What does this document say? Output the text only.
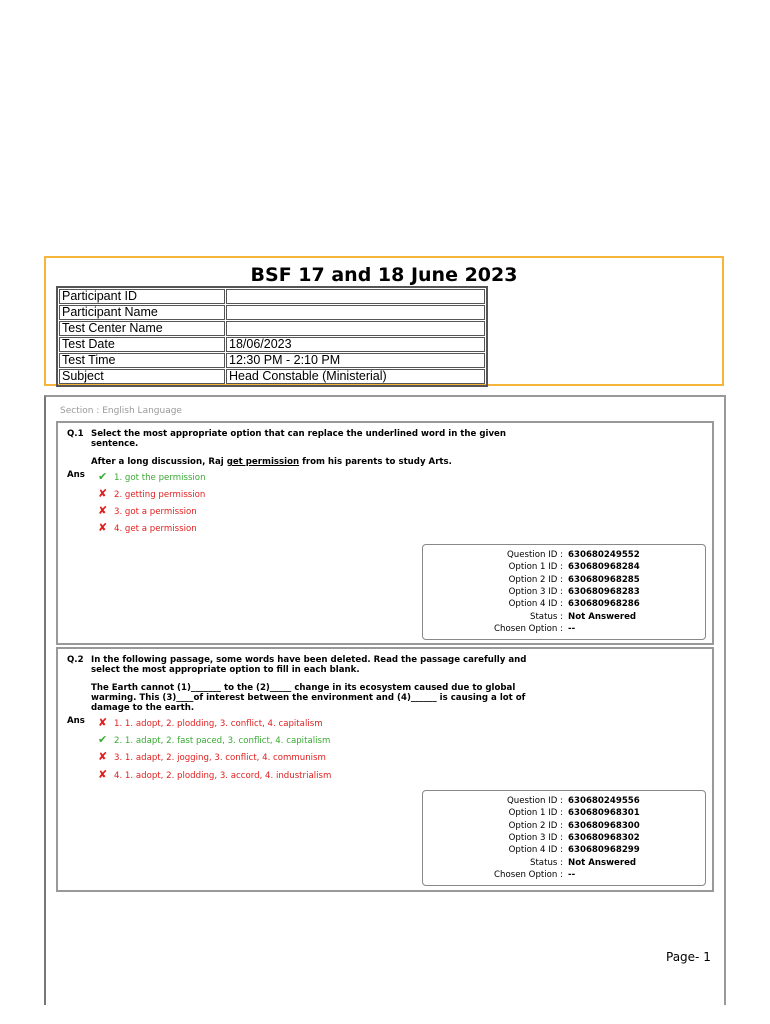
BSF 17 and 18 June 2023
Participant ID	
Participant Name	
Test Center Name	
Test Date	18/06/2023
Test Time	12:30 PM - 2:10 PM
Subject	Head Constable (Ministerial)
Section : English Language
Q.1 Select the most appropriate option that can replace the underlined word in the given sentence.
After a long discussion, Raj get permission from his parents to study Arts.
Ans ✔ 1. got the permission
✘ 2. getting permission
✘ 3. got a permission
✘ 4. get a permission
Question ID : 630680249552
Option 1 ID : 630680968284
Option 2 ID : 630680968285
Option 3 ID : 630680968283
Option 4 ID : 630680968286
Status : Not Answered
Chosen Option : --
Q.2 In the following passage, some words have been deleted. Read the passage carefully and select the most appropriate option to fill in each blank.
The Earth cannot (1)_______ to the (2)_____ change in its ecosystem caused due to global warming. This (3)____of interest between the environment and (4)______ is causing a lot of damage to the earth.
Ans ✘ 1. 1. adopt, 2. plodding, 3. conflict, 4. capitalism
✔ 2. 1. adapt, 2. fast paced, 3. conflict, 4. capitalism
✘ 3. 1. adapt, 2. jogging, 3. conflict, 4. communism
✘ 4. 1. adopt, 2. plodding, 3. accord, 4. industrialism
Question ID : 630680249556
Option 1 ID : 630680968301
Option 2 ID : 630680968300
Option 3 ID : 630680968302
Option 4 ID : 630680968299
Status : Not Answered
Chosen Option : --
Page- 1
